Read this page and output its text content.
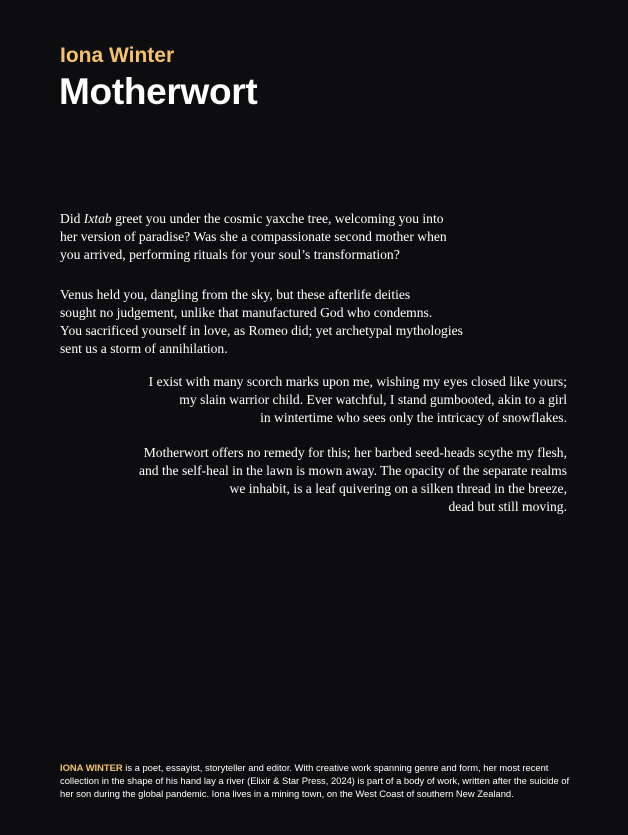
Iona Winter
Motherwort

Did Ixtab greet you under the cosmic yaxche tree, welcoming you into
her version of paradise? Was she a compassionate second mother when
you arrived, performing rituals for your soul’s transformation?

Venus held you, dangling from the sky, but these afterlife deities
sought no judgement, unlike that manufactured God who condemns.
You sacrificed yourself in love, as Romeo did; yet archetypal mythologies
sent us a storm of annihilation.

I exist with many scorch marks upon me, wishing my eyes closed like yours;
my slain warrior child. Ever watchful, I stand gumbooted, akin to a girl
in wintertime who sees only the intricacy of snowflakes.

Motherwort offers no remedy for this; her barbed seed-heads scythe my flesh,
and the self-heal in the lawn is mown away. The opacity of the separate realms
we inhabit, is a leaf quivering on a silken thread in the breeze,
dead but still moving.

IONA WINTER is a poet, essayist, storyteller and editor. With creative work spanning genre and form, her most recent collection in the shape of his hand lay a river (Elixir & Star Press, 2024) is part of a body of work, written after the suicide of her son during the global pandemic. Iona lives in a mining town, on the West Coast of southern New Zealand.
